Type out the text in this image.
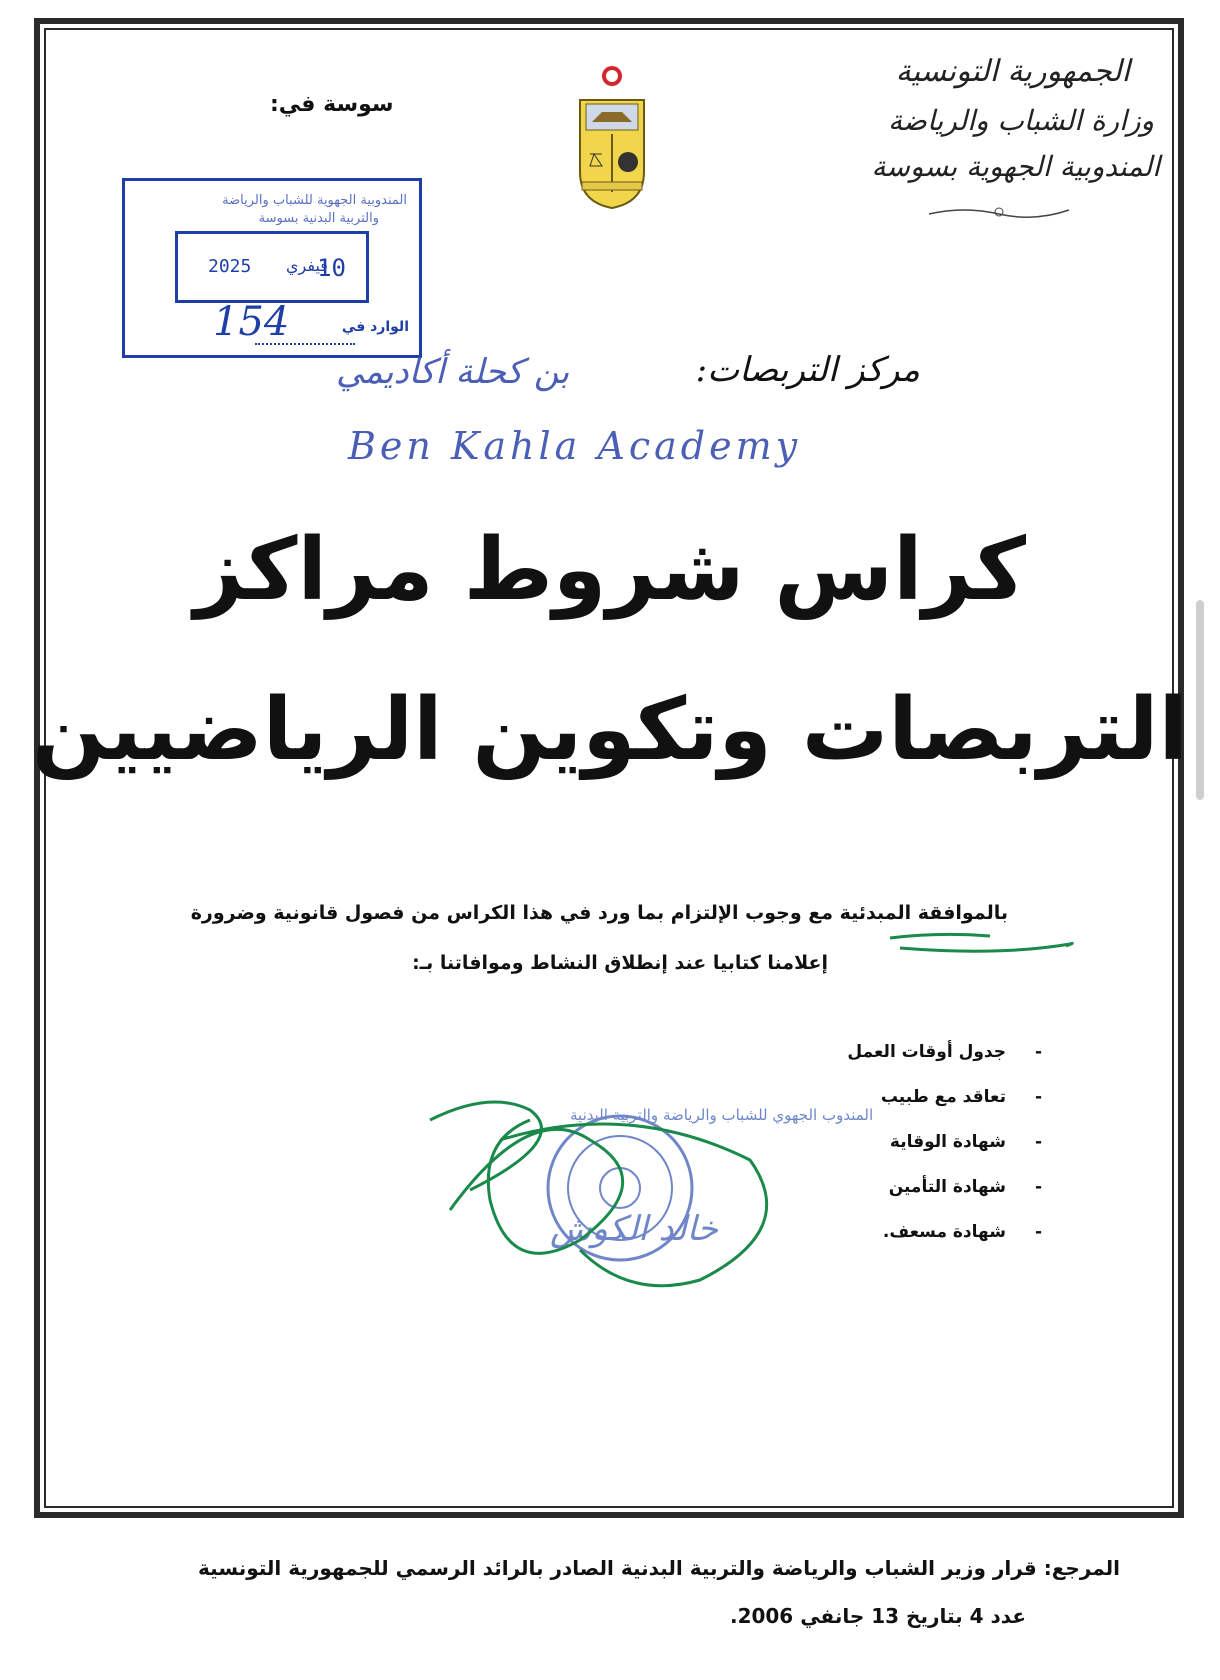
الجمهورية التونسية
وزارة الشباب والرياضة
المندوبية الجهوية بسوسة
سوسة في:
المندوبية الجهوية للشباب والرياضة
والتربية البدنية بسوسة
2025 فيفري
10
154	الوارد في
مركز التربصات:
بن كحلة أكاديمي
Ben Kahla Academy
كراس شروط مراكز
التربصات وتكوين الرياضيين
بالموافقة المبدئية مع وجوب الإلتزام بما ورد في هذا الكراس من فصول قانونية وضرورة
إعلامنا كتابيا عند إنطلاق النشاط وموافاتنا بـ:
-
جدول أوقات العمل
-
تعاقد مع طبيب
-
شهادة الوقاية
-
شهادة التأمين
-
شهادة مسعف.
المندوب الجهوي للشباب والرياضة والتربية البدنية
خالد الكوش
المرجع: قرار وزير الشباب والرياضة والتربية البدنية الصادر بالرائد الرسمي للجمهورية التونسية
عدد 4 بتاريخ 13 جانفي 2006.
